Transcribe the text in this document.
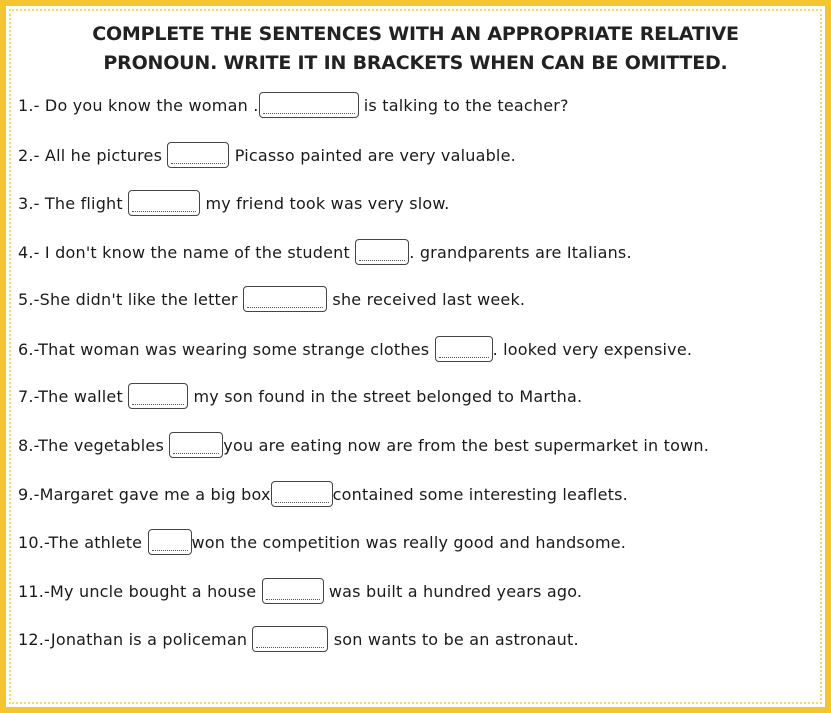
COMPLETE THE SENTENCES WITH AN APPROPRIATE RELATIVE
PRONOUN. WRITE IT IN BRACKETS WHEN CAN BE OMITTED.
1.- Do you know the woman .	is talking to the teacher?
2.- All he pictures	Picasso painted are very valuable.
3.- The flight	my friend took was very slow.
4.- I don't know the name of the student	. grandparents are Italians.
5.-She didn't like the letter	she received last week.
6.-That woman was wearing some strange clothes	. looked very expensive.
7.-The wallet	my son found in the street belonged to Martha.
8.-The vegetables	you are eating now are from the best supermarket in town.
9.-Margaret gave me a big box	contained some interesting leaflets.
10.-The athlete	won the competition was really good and handsome.
11.-My uncle bought a house	was built a hundred years ago.
12.-Jonathan is a policeman	son wants to be an astronaut.
